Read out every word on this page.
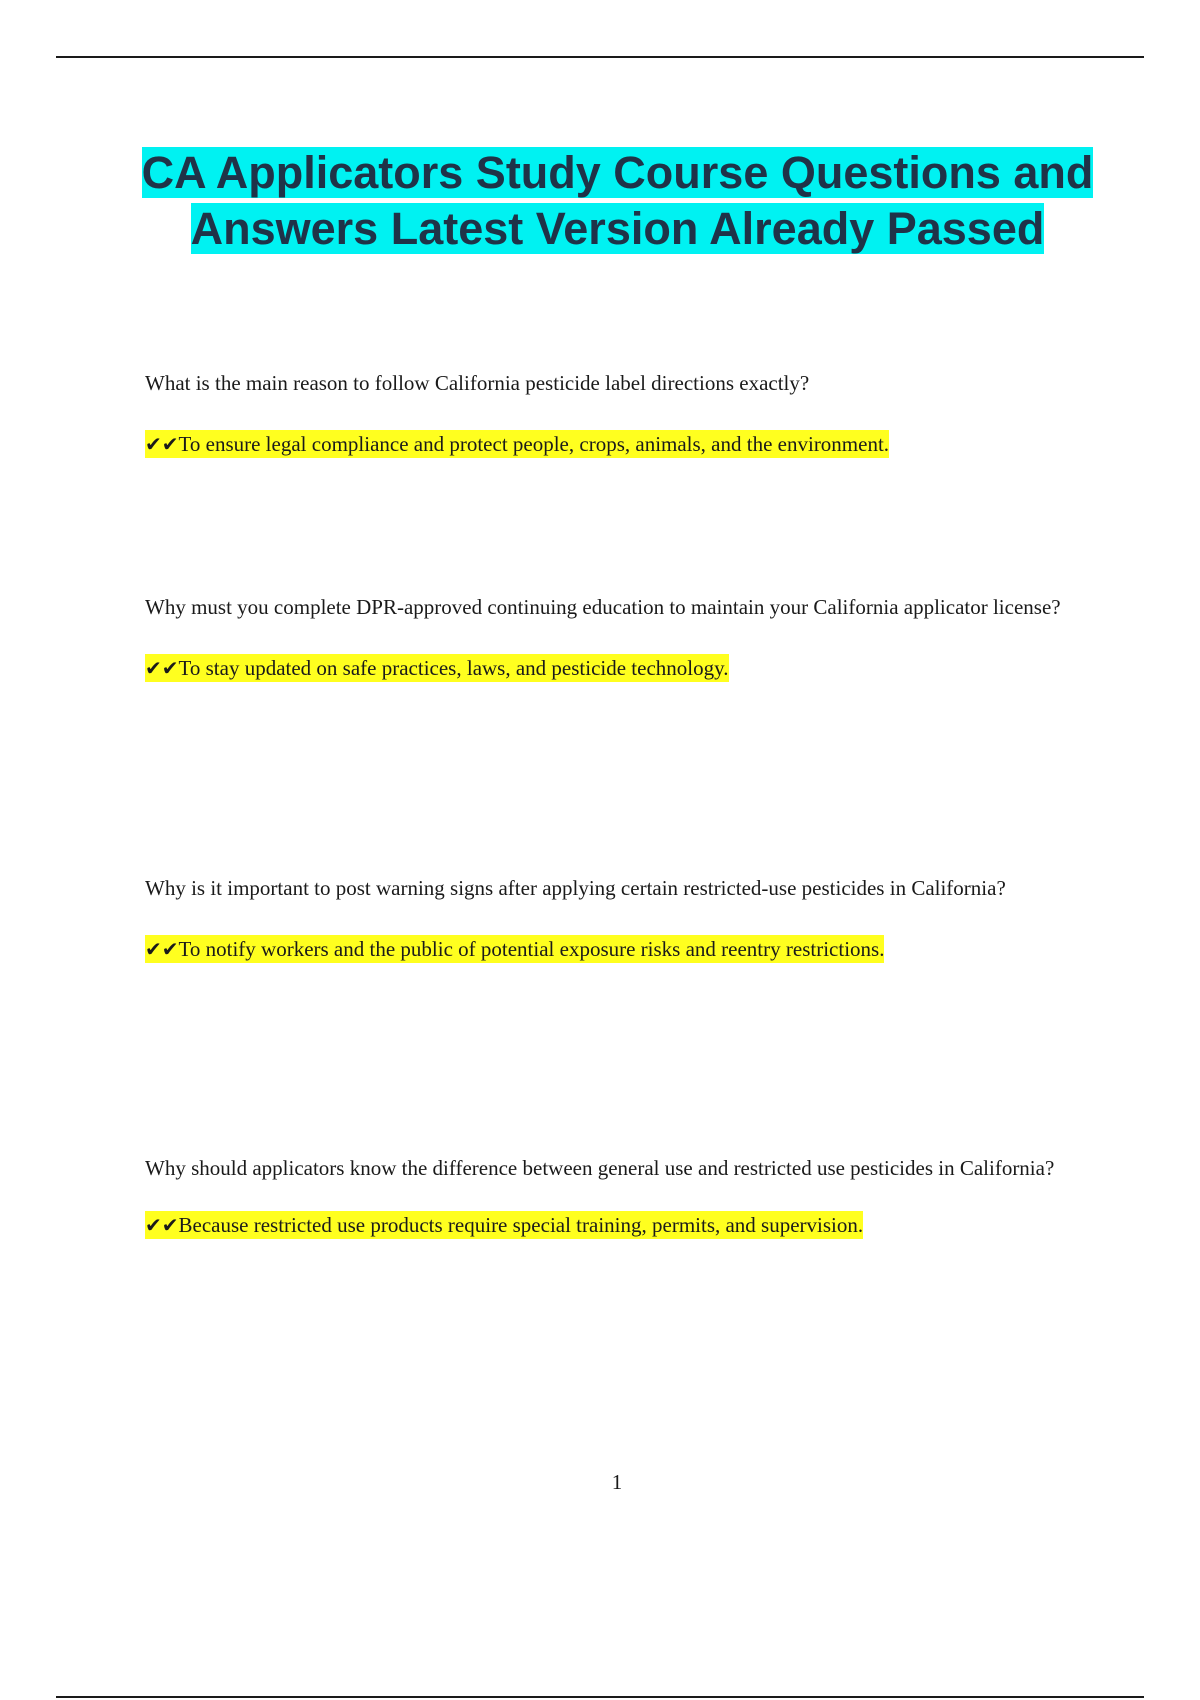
CA Applicators Study Course Questions and Answers Latest Version Already Passed

What is the main reason to follow California pesticide label directions exactly?

✔✔To ensure legal compliance and protect people, crops, animals, and the environment.

Why must you complete DPR-approved continuing education to maintain your California applicator license?

✔✔To stay updated on safe practices, laws, and pesticide technology.

Why is it important to post warning signs after applying certain restricted-use pesticides in California?

✔✔To notify workers and the public of potential exposure risks and reentry restrictions.

Why should applicators know the difference between general use and restricted use pesticides in California?

✔✔Because restricted use products require special training, permits, and supervision.

1
